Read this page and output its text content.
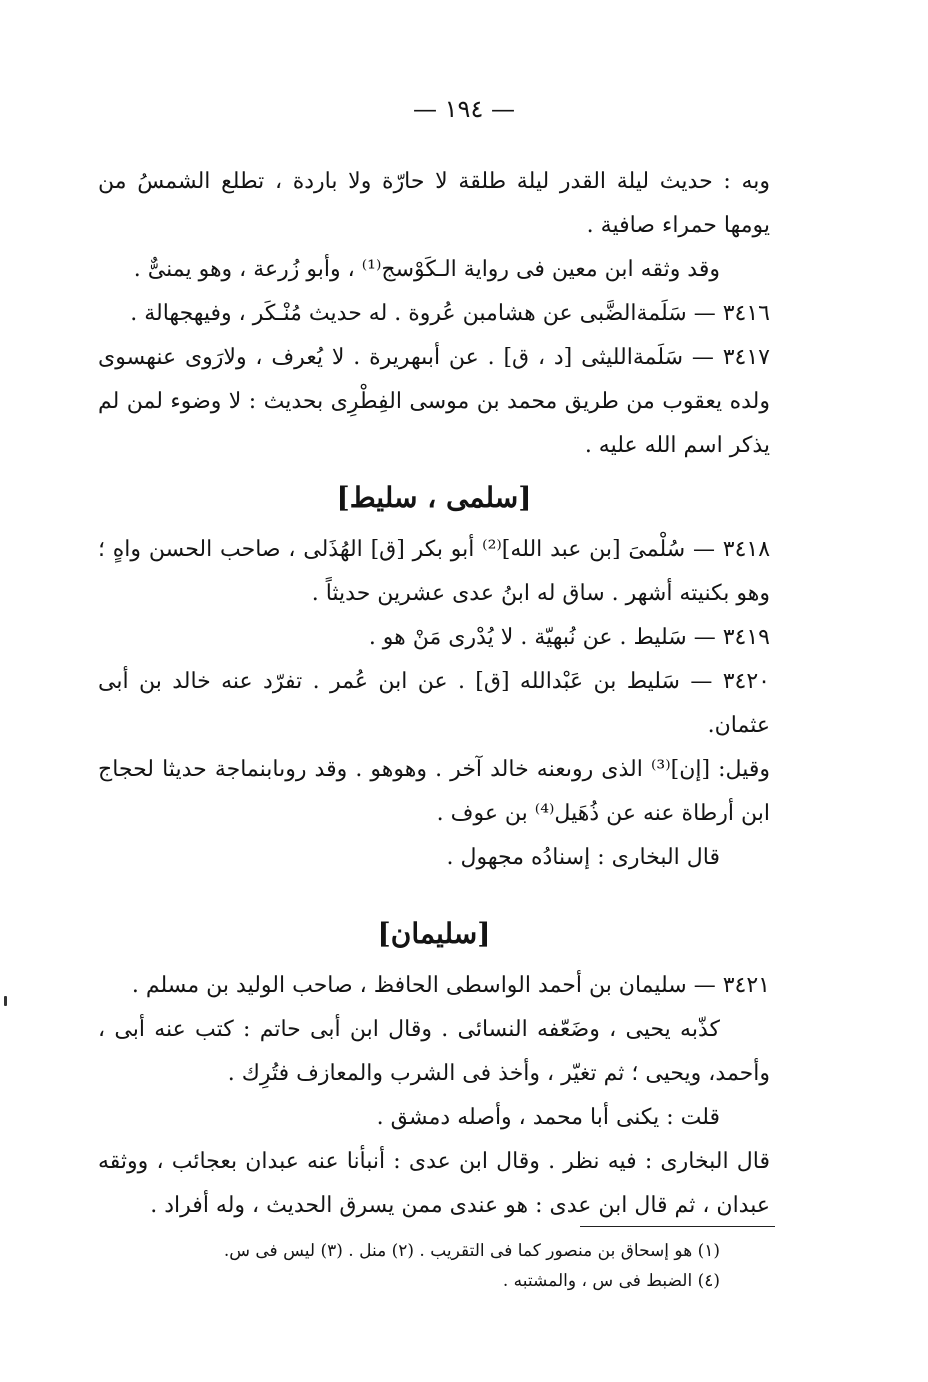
— ١٩٤ —

وبه : حديث ليلة القدر ليلة طلقة لا حارّة ولا باردة ، تطلع الشمسُ من يومها حمراء صافية .

وقد وثقه ابن معين فى رواية الـكَوْسج⁽¹⁾ ، وأبو زُرعة ، وهو يمنىٌّ .

٣٤١٦ — سَلَمةالضَّبى عن هشامبن عُروة . له حديث مُنْـكَر ، وفيهجهالة .

٣٤١٧ — سَلَمةالليثى [د ، ق] . عن أبىهريرة . لا يُعرف ، ولارَوى عنهسوى ولده يعقوب من طريق محمد بن موسى الفِطْرِى بحديث : لا وضوء لمن لم يذكر اسم الله عليه .

[سلمى ، سليط]

٣٤١٨ — سُلْمىَ [بن عبد الله]⁽²⁾ أبو بكر [ق] الهُذَلى ، صاحب الحسن واهٍ ؛ وهو بكنيته أشهر . ساق له ابنُ عدى عشرين حديثاً .

٣٤١٩ — سَليط . عن نُبهيّة . لا يُدْرى مَنْ هو .

٣٤٢٠ — سَليط بن عَبْدالله [ق] . عن ابن عُمر . تفرّد عنه خالد بن أبى عثمان.

وقيل: [إن]⁽³⁾ الذى روىعنه خالد آخر . وهوهو . وقد روىابنماجة حديثا لحجاج ابن أرطاة عنه عن ذُهَيل⁽⁴⁾ بن عوف .

قال البخارى : إسنادُه مجهول .

[سليمان]

٣٤٢١ — سليمان بن أحمد الواسطى الحافظ ، صاحب الوليد بن مسلم .

كذّبه يحيى ، وضَعّفه النسائى . وقال ابن أبى حاتم : كتب عنه أبى ، وأحمد، ويحيى ؛ ثم تغيّر ، وأخذ فى الشرب والمعازف فتُرِك .

قلت : يكنى أبا محمد ، وأصله دمشق .

قال البخارى : فيه نظر . وقال ابن عدى : أنبأنا عنه عبدان بعجائب ، ووثقه عبدان ، ثم قال ابن عدى : هو عندى ممن يسرق الحديث ، وله أفراد .

(١) هو إسحاق بن منصور كما فى التقريب . (٢) منل . (٣) ليس فى س.

(٤) الضبط فى س ، والمشتبه .
